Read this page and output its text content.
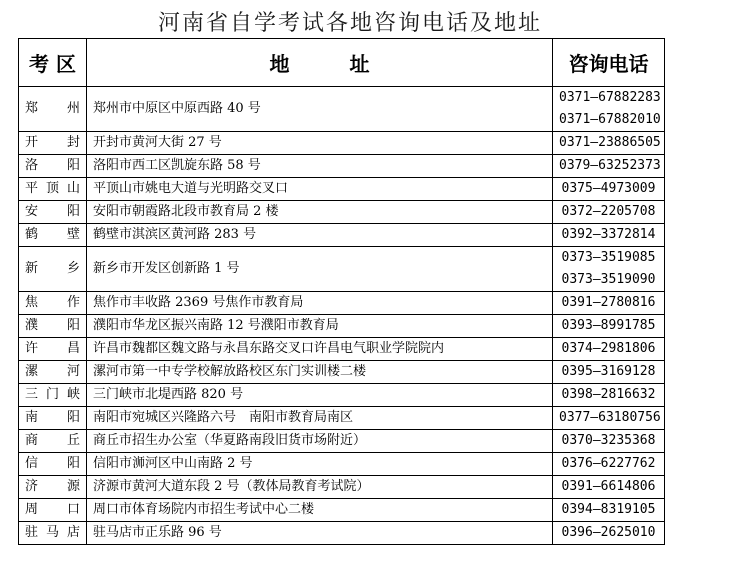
河南省自学考试各地咨询电话及地址
考 区	地　　　址	咨询电话
郑州	郑州市中原区中原西路 40 号	0371—67882283
0371—67882010

开封	开封市黄河大街 27 号	0371—23886505

洛阳	洛阳市西工区凯旋东路 58 号	0379—63252373

平顶山	平顶山市姚电大道与光明路交叉口	0375—4973009

安阳	安阳市朝霞路北段市教育局 2 楼	0372—2205708

鹤壁	鹤壁市淇滨区黄河路 283 号	0392—3372814

新乡	新乡市开发区创新路 1 号	0373—3519085
0373—3519090

焦作	焦作市丰收路 2369 号焦作市教育局	0391—2780816

濮阳	濮阳市华龙区振兴南路 12 号濮阳市教育局	0393—8991785

许昌	许昌市魏都区魏文路与永昌东路交叉口许昌电气职业学院院内	0374—2981806

漯河	漯河市第一中专学校解放路校区东门实训楼二楼	0395—3169128

三门峡	三门峡市北堤西路 820 号	0398—2816632

南阳	南阳市宛城区兴隆路六号　南阳市教育局南区	0377—63180756

商丘	商丘市招生办公室（华夏路南段旧货市场附近）	0370—3235368

信阳	信阳市浉河区中山南路 2 号	0376—6227762

济源	济源市黄河大道东段 2 号（教体局教育考试院）	0391—6614806

周口	周口市体育场院内市招生考试中心二楼	0394—8319105

驻马店	驻马店市正乐路 96 号	0396—2625010
